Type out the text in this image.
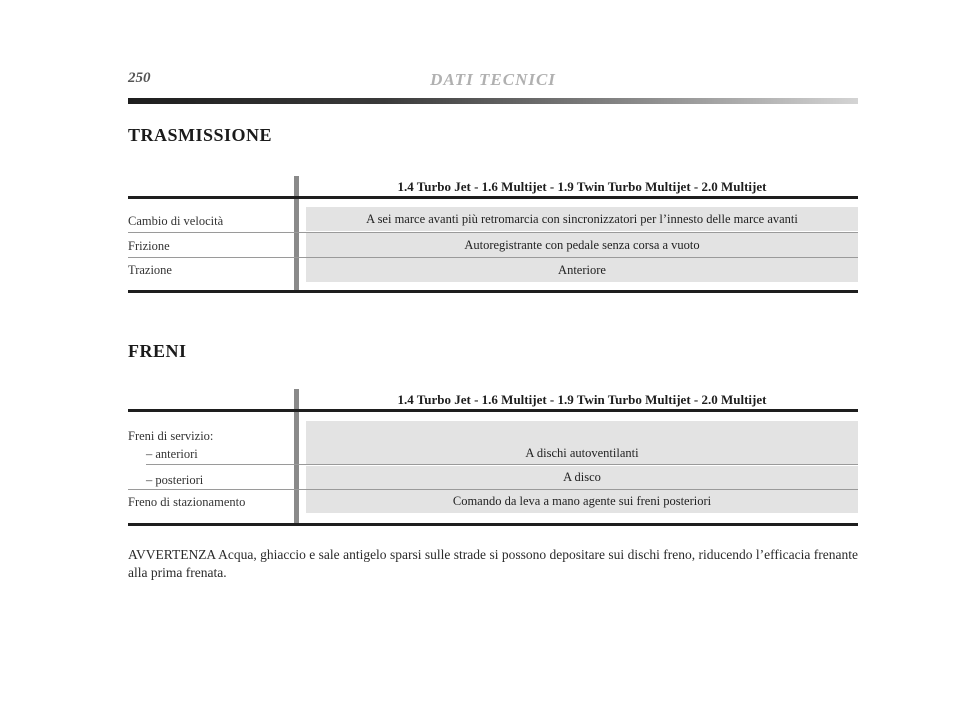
250	DATI TECNICI
TRASMISSIONE
1.4 Turbo Jet - 1.6 Multijet - 1.9 Twin Turbo Multijet - 2.0 Multijet
Cambio di velocità	A sei marce avanti più retromarcia con sincronizzatori per l’innesto delle marce avanti
Frizione	Autoregistrante con pedale senza corsa a vuoto
Trazione	Anteriore
FRENI
1.4 Turbo Jet - 1.6 Multijet - 1.9 Twin Turbo Multijet - 2.0 Multijet
Freni di servizio:
– anteriori	A dischi autoventilanti
– posteriori	A disco
Freno di stazionamento	Comando da leva a mano agente sui freni posteriori
AVVERTENZA Acqua, ghiaccio e sale antigelo sparsi sulle strade si possono depositare sui dischi freno, riducendo l’efficacia frenante alla prima frenata.
